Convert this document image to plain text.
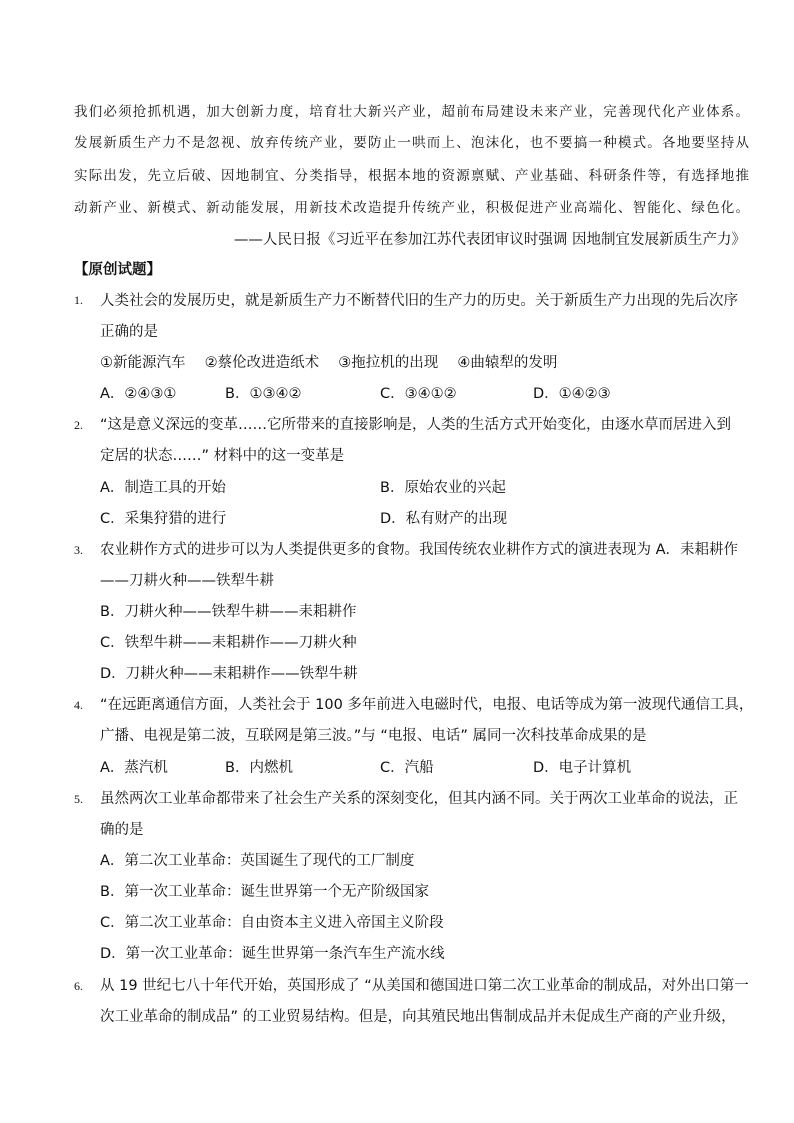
我们必须抢抓机遇，加大创新力度，培育壮大新兴产业，超前布局建设未来产业，完善现代化产业体系。
发展新质生产力不是忽视、放弃传统产业，要防止一哄而上、泡沫化，也不要搞一种模式。各地要坚持从
实际出发，先立后破、因地制宜、分类指导，根据本地的资源禀赋、产业基础、科研条件等，有选择地推
动新产业、新模式、新动能发展，用新技术改造提升传统产业，积极促进产业高端化、智能化、绿色化。
——人民日报《习近平在参加江苏代表团审议时强调 因地制宜发展新质生产力》
【原创试题】
1. 人类社会的发展历史，就是新质生产力不断替代旧的生产力的历史。关于新质生产力出现的先后次序
正确的是
①新能源汽车　 ②蔡伦改进造纸术　 ③拖拉机的出现　 ④曲辕犁的发明
A．②④③①	B．①③④②	C．③④①②	D．①④②③
2. “这是意义深远的变革……它所带来的直接影响是，人类的生活方式开始变化，由逐水草而居进入到
定居的状态……” 材料中的这一变革是
A．制造工具的开始	B．原始农业的兴起
C．采集狩猎的进行	D．私有财产的出现
3. 农业耕作方式的进步可以为人类提供更多的食物。我国传统农业耕作方式的演进表现为 A．耒耜耕作
——刀耕火种——铁犁牛耕
B．刀耕火种——铁犁牛耕——耒耜耕作
C．铁犁牛耕——耒耜耕作——刀耕火种
D．刀耕火种——耒耜耕作——铁犁牛耕
4. “在远距离通信方面，人类社会于 100 多年前进入电磁时代，电报、电话等成为第一波现代通信工具，
广播、电视是第二波，互联网是第三波。”与 “电报、电话” 属同一次科技革命成果的是
A．蒸汽机	B．内燃机	C．汽船	D．电子计算机
5. 虽然两次工业革命都带来了社会生产关系的深刻变化，但其内涵不同。关于两次工业革命的说法，正
确的是
A．第二次工业革命：英国诞生了现代的工厂制度
B．第一次工业革命：诞生世界第一个无产阶级国家
C．第二次工业革命：自由资本主义进入帝国主义阶段
D．第一次工业革命：诞生世界第一条汽车生产流水线
6. 从 19 世纪七八十年代开始，英国形成了 “从美国和德国进口第二次工业革命的制成品，对外出口第一
次工业革命的制成品” 的工业贸易结构。但是，向其殖民地出售制成品并未促成生产商的产业升级，
